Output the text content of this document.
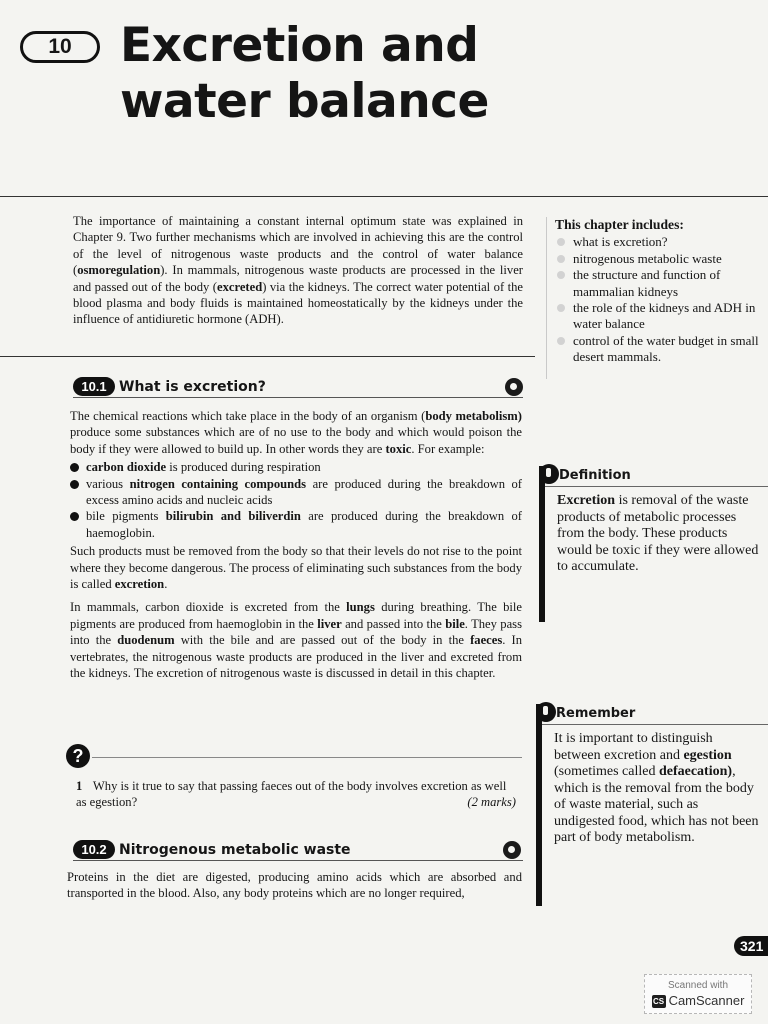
10	Excretion and
water balance
The importance of maintaining a constant internal optimum state was explained in Chapter 9. Two further mechanisms which are involved in achieving this are the control of the level of nitrogenous waste products and the control of water balance (osmoregulation). In mammals, nitrogenous waste products are processed in the liver and passed out of the body (excreted) via the kidneys. The correct water potential of the blood plasma and body fluids is maintained homeostatically by the kidneys under the influence of antidiuretic hormone (ADH).
This chapter includes:
what is excretion?
nitrogenous metabolic waste
the structure and function of mammalian kidneys
the role of the kidneys and ADH in water balance
control of the water budget in small desert mammals.
10.1 What is excretion?

The chemical reactions which take place in the body of an organism (body metabolism) produce some substances which are of no use to the body and which would poison the body if they were allowed to build up. In other words they are toxic. For example:

carbon dioxide is produced during respiration
various nitrogen containing compounds are produced during the breakdown of excess amino acids and nucleic acids
bile pigments bilirubin and biliverdin are produced during the breakdown of haemoglobin.

Such products must be removed from the body so that their levels do not rise to the point where they become dangerous. The process of eliminating such substances from the body is called excretion.

In mammals, carbon dioxide is excreted from the lungs during breathing. The bile pigments are produced from haemoglobin in the liver and passed into the bile. They pass into the duodenum with the bile and are passed out of the body in the faeces. In vertebrates, the nitrogenous waste products are produced in the liver and excreted from the kidneys. The excretion of nitrogenous waste is discussed in detail in this chapter.

Definition
Excretion is removal of the waste products of metabolic processes from the body. These products would be toxic if they were allowed to accumulate.
?
1 Why is it true to say that passing faeces out of the body involves excretion as well as egestion?	(2 marks)
Remember
It is important to distinguish between excretion and egestion (sometimes called defaecation), which is the removal from the body of waste material, such as undigested food, which has not been part of body metabolism.
10.2 Nitrogenous metabolic waste
Proteins in the diet are digested, producing amino acids which are absorbed and transported in the blood. Also, any body proteins which are no longer required,
321
Scanned with
CS CamScanner
